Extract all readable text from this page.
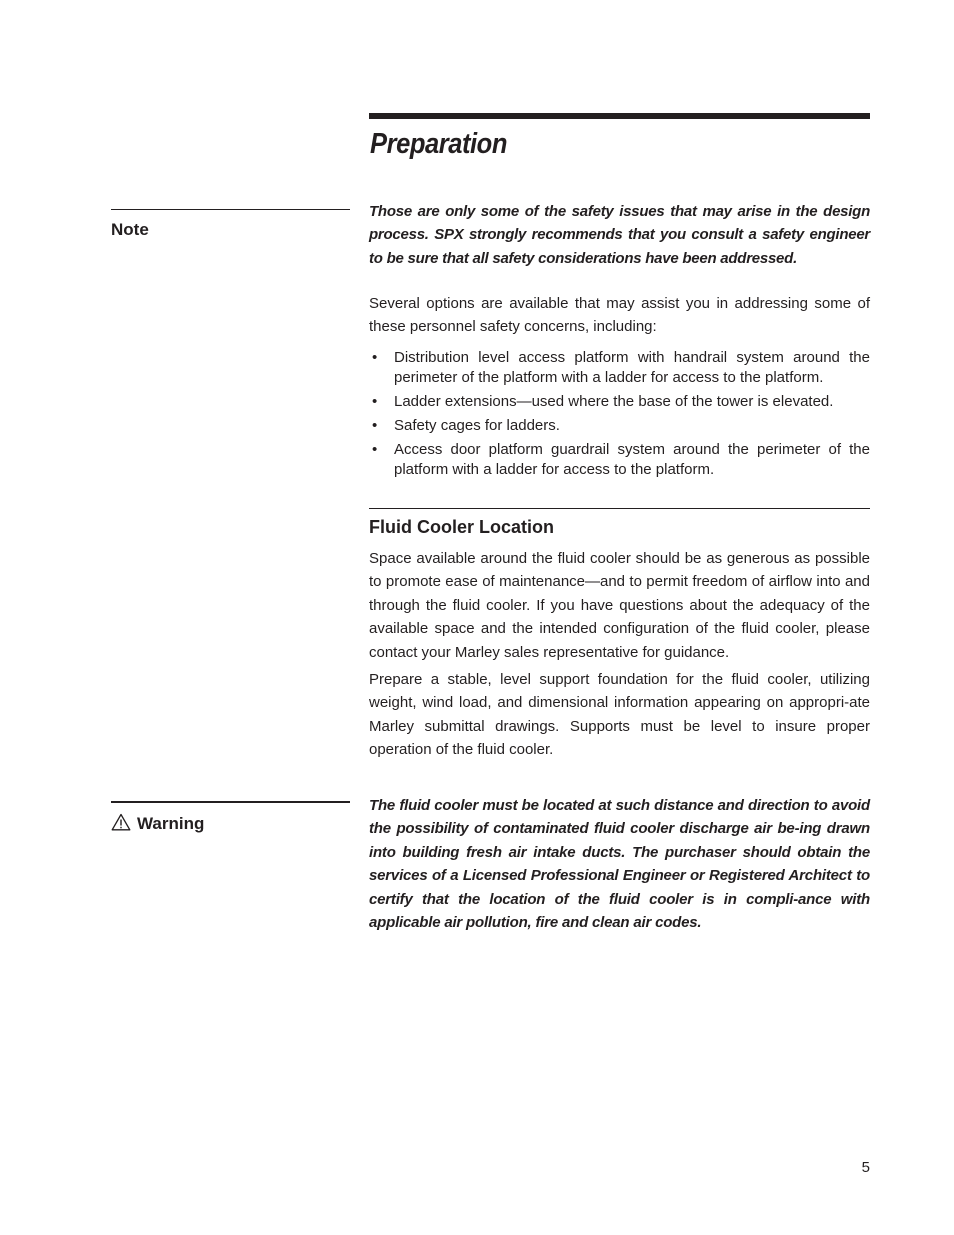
Preparation

Note

Those are only some of the safety issues that may arise in the design process. SPX strongly recommends that you consult a safety engineer to be sure that all safety considerations have been addressed.

Several options are available that may assist you in addressing some of these personnel safety concerns, including:

• Distribution level access platform with handrail system around the perimeter of the platform with a ladder for access to the platform.
• Ladder extensions—used where the base of the tower is elevated.
• Safety cages for ladders.
• Access door platform guardrail system around the perimeter of the platform with a ladder for access to the platform.
Fluid Cooler Location

Space available around the fluid cooler should be as generous as possible to promote ease of maintenance—and to permit freedom of airflow into and through the fluid cooler. If you have questions about the adequacy of the available space and the intended configuration of the fluid cooler, please contact your Marley sales representative for guidance.

Prepare a stable, level support foundation for the fluid cooler, utilizing weight, wind load, and dimensional information appearing on appropri-ate Marley submittal drawings. Supports must be level to insure proper operation of the fluid cooler.

Warning

The fluid cooler must be located at such distance and direction to avoid the possibility of contaminated fluid cooler discharge air be-ing drawn into building fresh air intake ducts. The purchaser should obtain the services of a Licensed Professional Engineer or Registered Architect to certify that the location of the fluid cooler is in compli-ance with applicable air pollution, fire and clean air codes.

5
